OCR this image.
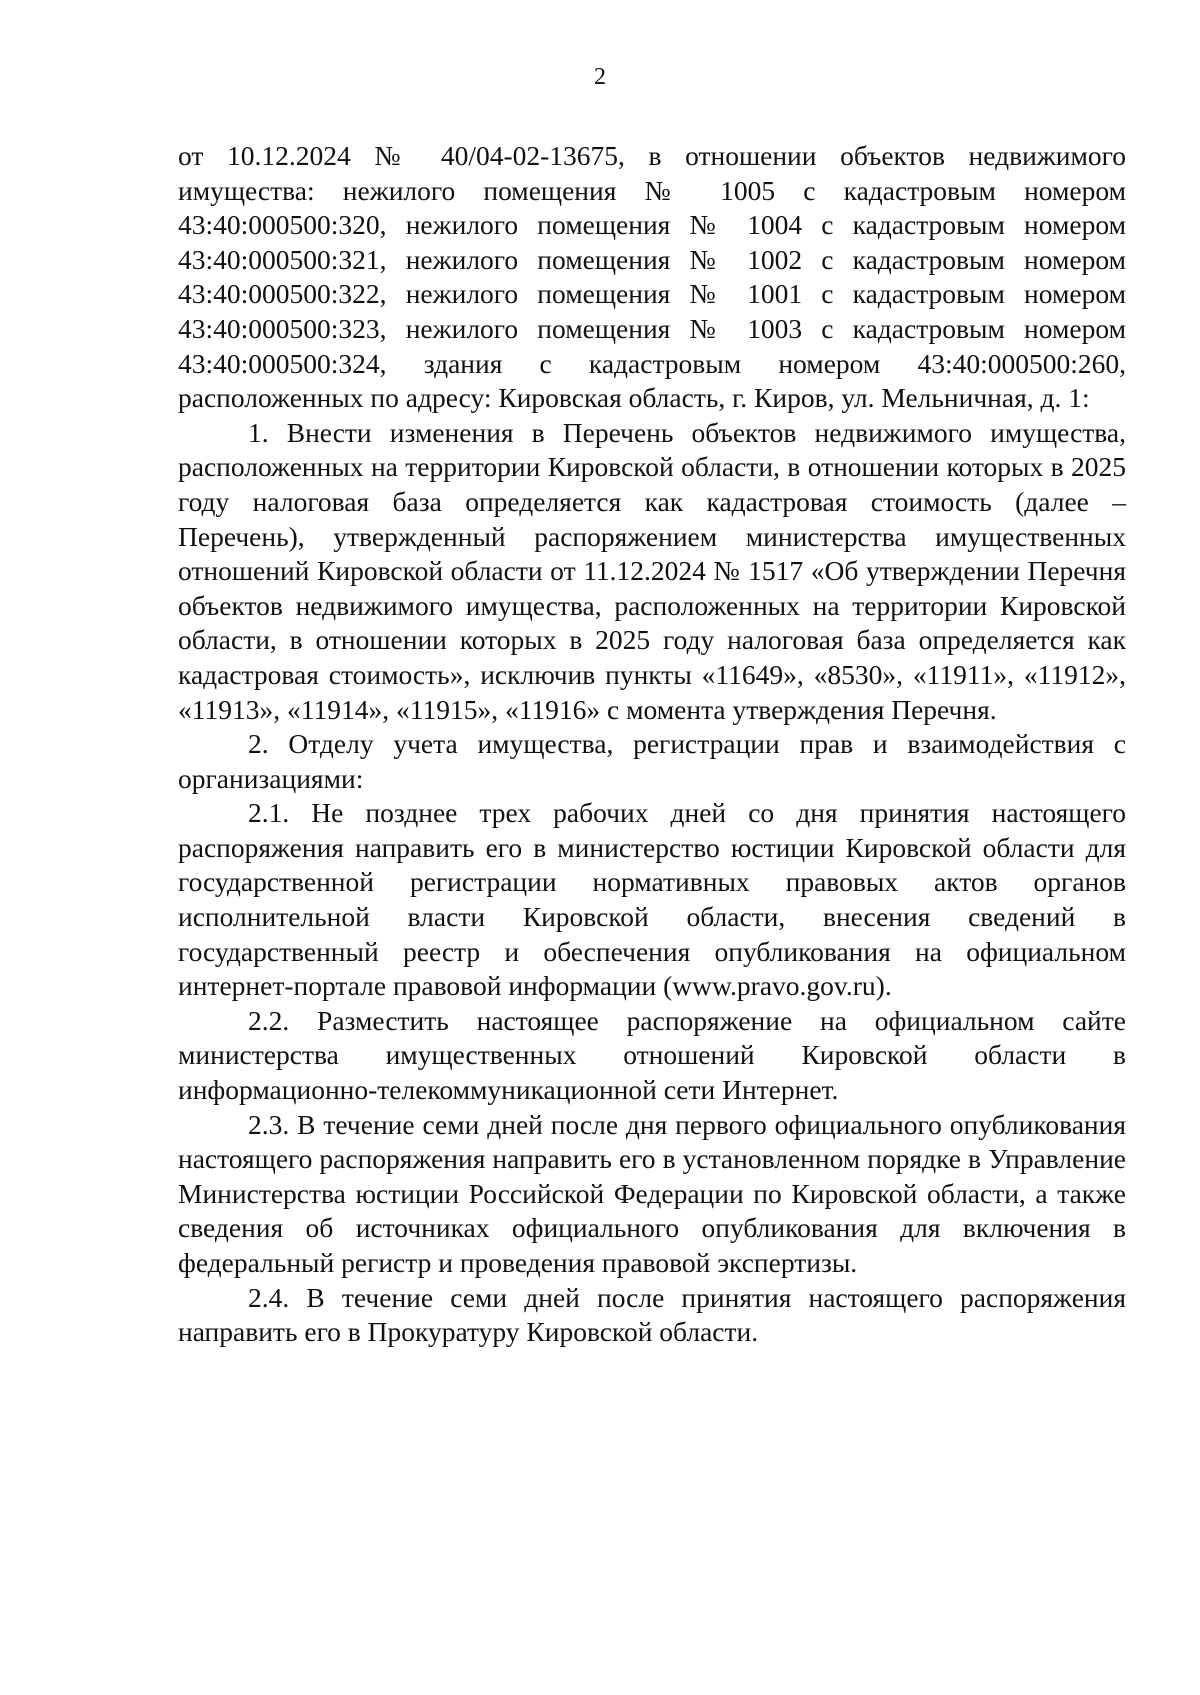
2

от 10.12.2024 № 40/04-02-13675, в отношении объектов недвижимого имущества: нежилого помещения № 1005 с кадастровым номером 43:40:000500:320, нежилого помещения № 1004 с кадастровым номером 43:40:000500:321, нежилого помещения № 1002 с кадастровым номером 43:40:000500:322, нежилого помещения № 1001 с кадастровым номером 43:40:000500:323, нежилого помещения № 1003 с кадастровым номером 43:40:000500:324, здания с кадастровым номером 43:40:000500:260, расположенных по адресу: Кировская область, г. Киров, ул. Мельничная, д. 1:

1. Внести изменения в Перечень объектов недвижимого имущества, расположенных на территории Кировской области, в отношении которых в 2025 году налоговая база определяется как кадастровая стоимость (далее – Перечень), утвержденный распоряжением министерства имущественных отношений Кировской области от 11.12.2024 № 1517 «Об утверждении Перечня объектов недвижимого имущества, расположенных на территории Кировской области, в отношении которых в 2025 году налоговая база определяется как кадастровая стоимость», исключив пункты «11649», «8530», «11911», «11912», «11913», «11914», «11915», «11916» с момента утверждения Перечня.

2. Отделу учета имущества, регистрации прав и взаимодействия с организациями:

2.1. Не позднее трех рабочих дней со дня принятия настоящего распоряжения направить его в министерство юстиции Кировской области для государственной регистрации нормативных правовых актов органов исполнительной власти Кировской области, внесения сведений в государственный реестр и обеспечения опубликования на официальном интернет-портале правовой информации (www.pravo.gov.ru).

2.2. Разместить настоящее распоряжение на официальном сайте министерства имущественных отношений Кировской области в информационно-телекоммуникационной сети Интернет.

2.3. В течение семи дней после дня первого официального опубликования настоящего распоряжения направить его в установленном порядке в Управление Министерства юстиции Российской Федерации по Кировской области, а также сведения об источниках официального опубликования для включения в федеральный регистр и проведения правовой экспертизы.

2.4. В течение семи дней после принятия настоящего распоряжения направить его в Прокуратуру Кировской области.
